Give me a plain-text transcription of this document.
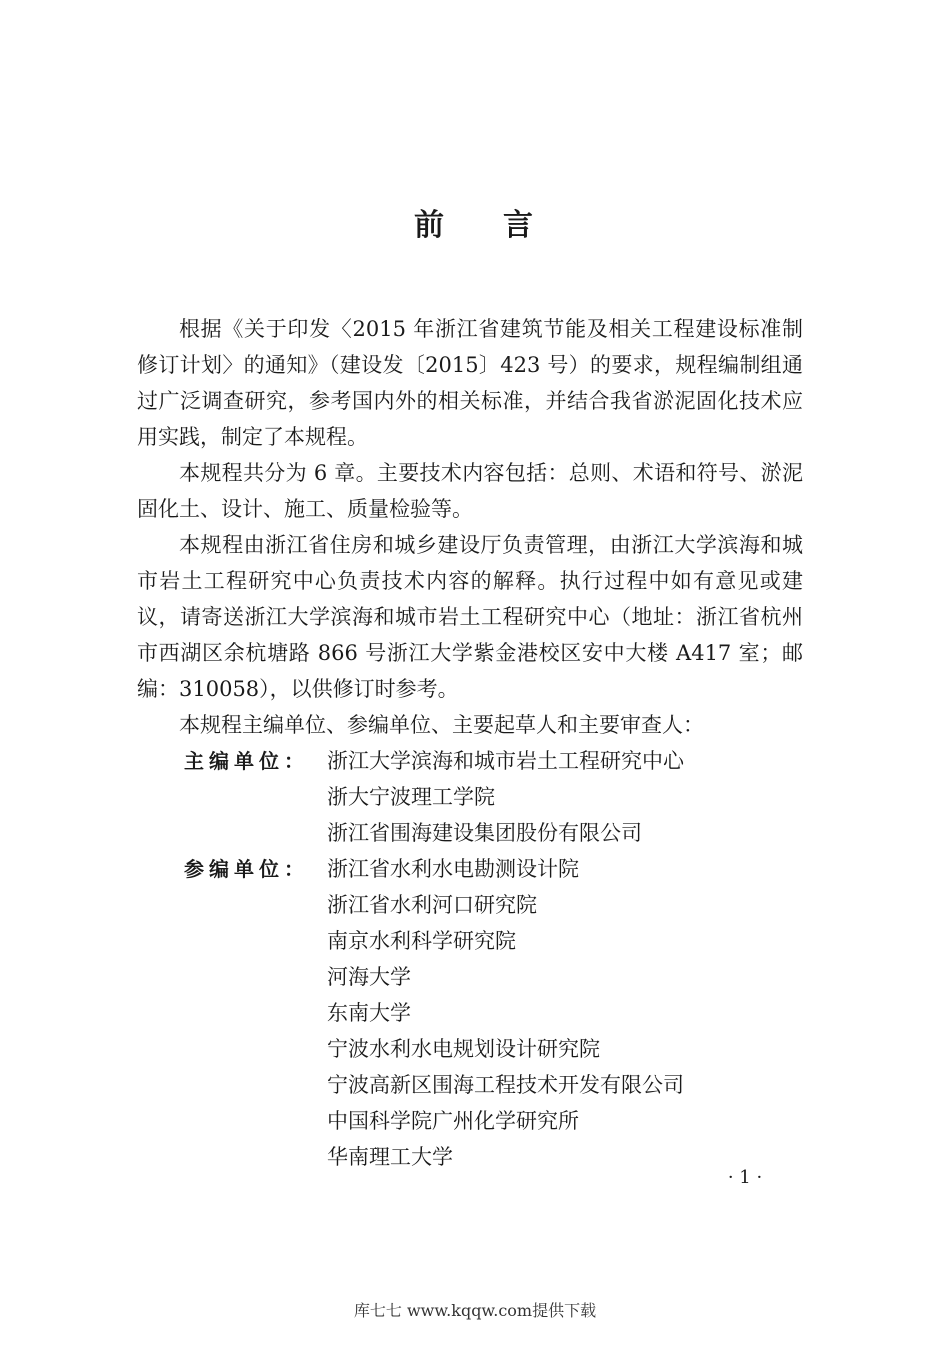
前 言

根据《关于印发〈2015 年浙江省建筑节能及相关工程建设标准制修订计划〉的通知》（建设发〔2015〕423 号）的要求，规程编制组通过广泛调查研究，参考国内外的相关标准，并结合我省淤泥固化技术应用实践，制定了本规程。

本规程共分为 6 章。主要技术内容包括：总则、术语和符号、淤泥固化土、设计、施工、质量检验等。

本规程由浙江省住房和城乡建设厅负责管理，由浙江大学滨海和城市岩土工程研究中心负责技术内容的解释。执行过程中如有意见或建议，请寄送浙江大学滨海和城市岩土工程研究中心（地址：浙江省杭州市西湖区余杭塘路 866 号浙江大学紫金港校区安中大楼 A417 室；邮编：310058），以供修订时参考。

本规程主编单位、参编单位、主要起草人和主要审查人：

主编单位： 浙江大学滨海和城市岩土工程研究中心
浙大宁波理工学院
浙江省围海建设集团股份有限公司
参编单位： 浙江省水利水电勘测设计院
浙江省水利河口研究院
南京水利科学研究院
河海大学
东南大学
宁波水利水电规划设计研究院
宁波高新区围海工程技术开发有限公司
中国科学院广州化学研究所
华南理工大学
· 1 ·
库七七 www.kqqw.com提供下载
